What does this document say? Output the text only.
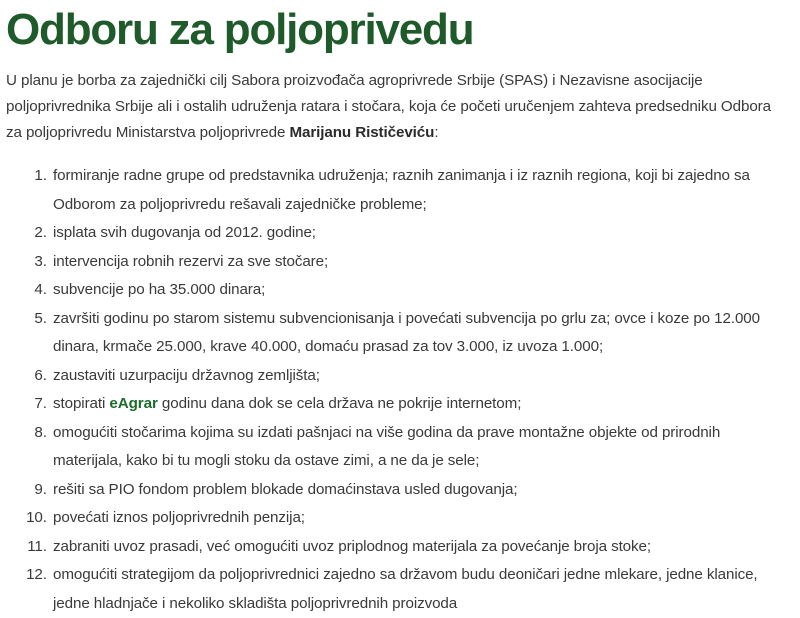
Odboru za poljoprivedu

U planu je borba za zajednički cilj Sabora proizvođača agroprivrede Srbije (SPAS) i Nezavisne asocijacije poljoprivrednika Srbije ali i ostalih udruženja ratara i stočara, koja će početi uručenjem zahteva predsedniku Odbora za poljoprivredu Ministarstva poljoprivrede Marijanu Rističeviću:

1. formiranje radne grupe od predstavnika udruženja; raznih zanimanja i iz raznih regiona, koji bi zajedno sa Odborom za poljoprivredu rešavali zajedničke probleme;
2. isplata svih dugovanja od 2012. godine;
3. intervencija robnih rezervi za sve stočare;
4. subvencije po ha 35.000 dinara;
5. završiti godinu po starom sistemu subvencionisanja i povećati subvencija po grlu za; ovce i koze po 12.000 dinara, krmače 25.000, krave 40.000, domaću prasad za tov 3.000, iz uvoza 1.000;
6. zaustaviti uzurpaciju državnog zemljišta;
7. stopirati eAgrar godinu dana dok se cela država ne pokrije internetom;
8. omogućiti stočarima kojima su izdati pašnjaci na više godina da prave montažne objekte od prirodnih materijala, kako bi tu mogli stoku da ostave zimi, a ne da je sele;
9. rešiti sa PIO fondom problem blokade domaćinstava usled dugovanja;
10. povećati iznos poljoprivrednih penzija;
11. zabraniti uvoz prasadi, već omogućiti uvoz priplodnog materijala za povećanje broja stoke;
12. omogućiti strategijom da poljoprivrednici zajedno sa državom budu deoničari jedne mlekare, jedne klanice, jedne hladnjače i nekoliko skladišta poljoprivrednih proizvoda
